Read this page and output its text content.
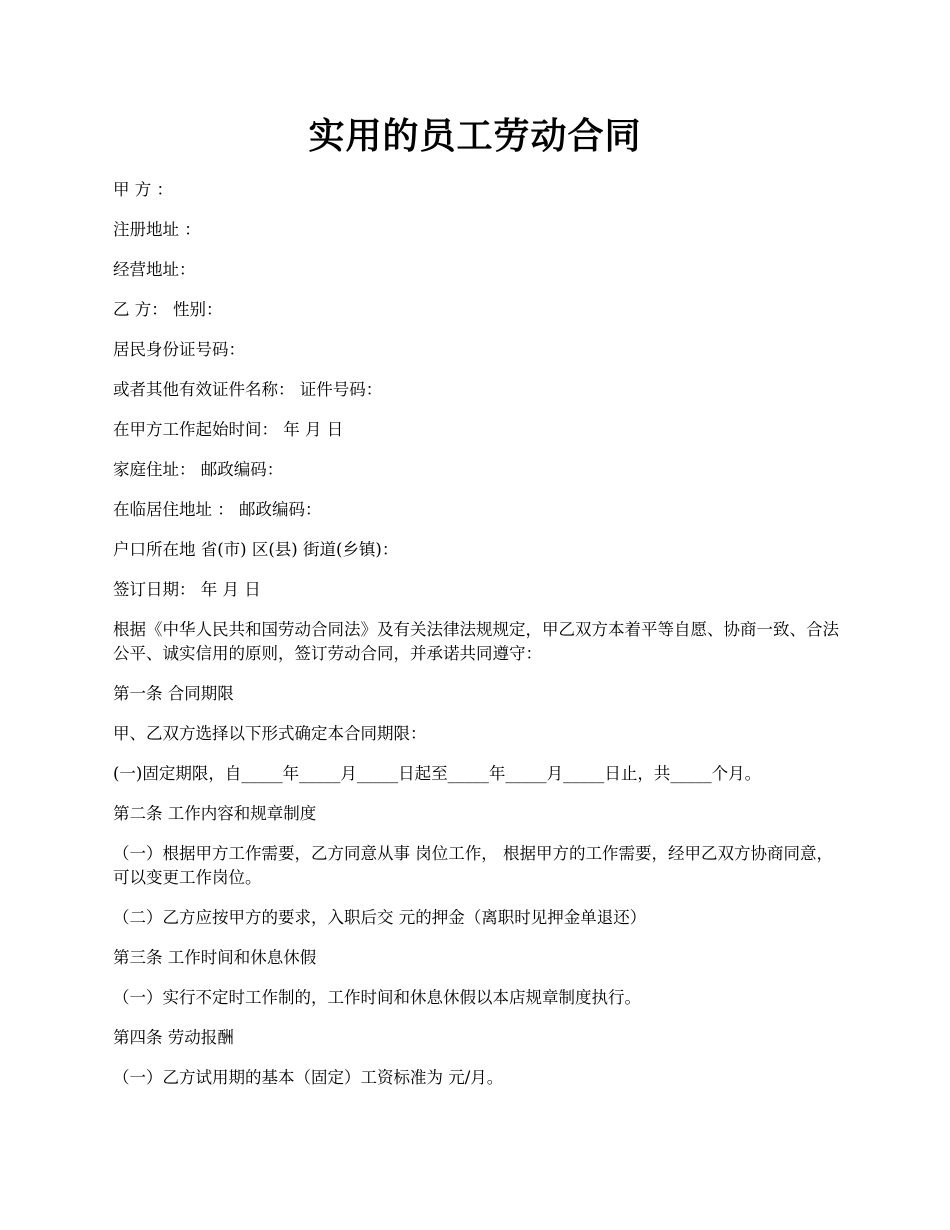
实用的员工劳动合同

甲 方 ：

注册地址 ：

经营地址：

乙 方： 性别：

居民身份证号码：

或者其他有效证件名称： 证件号码：

在甲方工作起始时间： 年 月 日

家庭住址： 邮政编码：

在临居住地址 ： 邮政编码：

户口所在地 省(市) 区(县) 街道(乡镇)：

签订日期： 年 月 日

根据《中华人民共和国劳动合同法》及有关法律法规规定，甲乙双方本着平等自愿、协商一致、合法公平、诚实信用的原则，签订劳动合同，并承诺共同遵守：

第一条 合同期限

甲、乙双方选择以下形式确定本合同期限：

(一)固定期限，自_____年_____月_____日起至_____年_____月_____日止，共_____个月。

第二条 工作内容和规章制度

（一）根据甲方工作需要，乙方同意从事 岗位工作， 根据甲方的工作需要，经甲乙双方协商同意，可以变更工作岗位。

（二）乙方应按甲方的要求，入职后交 元的押金（离职时见押金单退还）

第三条 工作时间和休息休假

（一）实行不定时工作制的，工作时间和休息休假以本店规章制度执行。

第四条 劳动报酬

（一）乙方试用期的基本（固定）工资标准为 元/月。
